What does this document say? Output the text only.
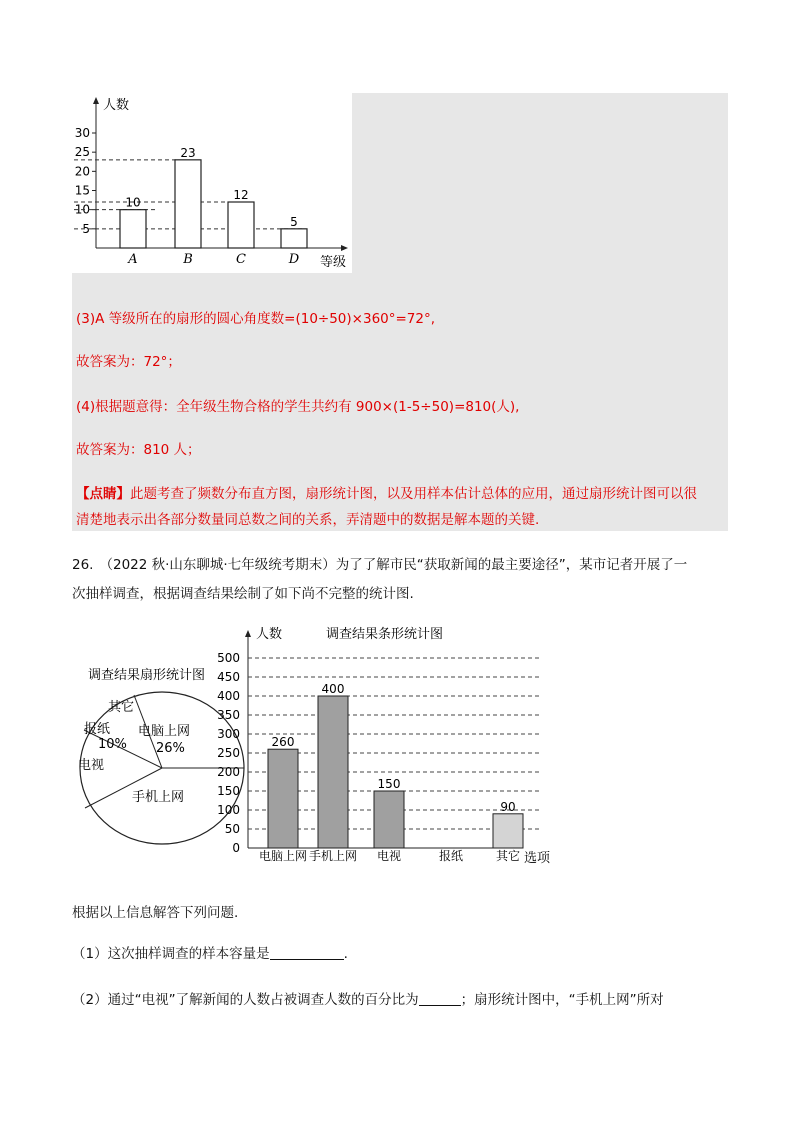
人数
等级
5
10
15
20
25
30
10
A
23
B
12
C
5
D
(3)A 等级所在的扇形的圆心角度数=(10÷50)×360°=72°,
故答案为：72°；
(4)根据题意得：全年级生物合格的学生共约有 900×(1-5÷50)=810(人),
故答案为：810 人；
【点睛】此题考查了频数分布直方图，扇形统计图，以及用样本估计总体的应用，通过扇形统计图可以很
清楚地表示出各部分数量同总数之间的关系，弄清题中的数据是解本题的关键.
26. （2022 秋·山东聊城·七年级统考期末）为了了解市民“获取新闻的最主要途径”，某市记者开展了一
次抽样调查，根据调查结果绘制了如下尚不完整的统计图.
调查结果扇形统计图
其它
报纸
10%
电脑上网
26%
电视
手机上网
人数	调查结果条形统计图
选项
0
50
100
150
200
250
300
350
400
450
500
260
电脑上网
400
手机上网
150
电视	报纸
90
其它
根据以上信息解答下列问题.
（1）这次抽样调查的样本容量是	.
（2）通过“电视”了解新闻的人数占被调查人数的百分比为	；扇形统计图中，“手机上网”所对
